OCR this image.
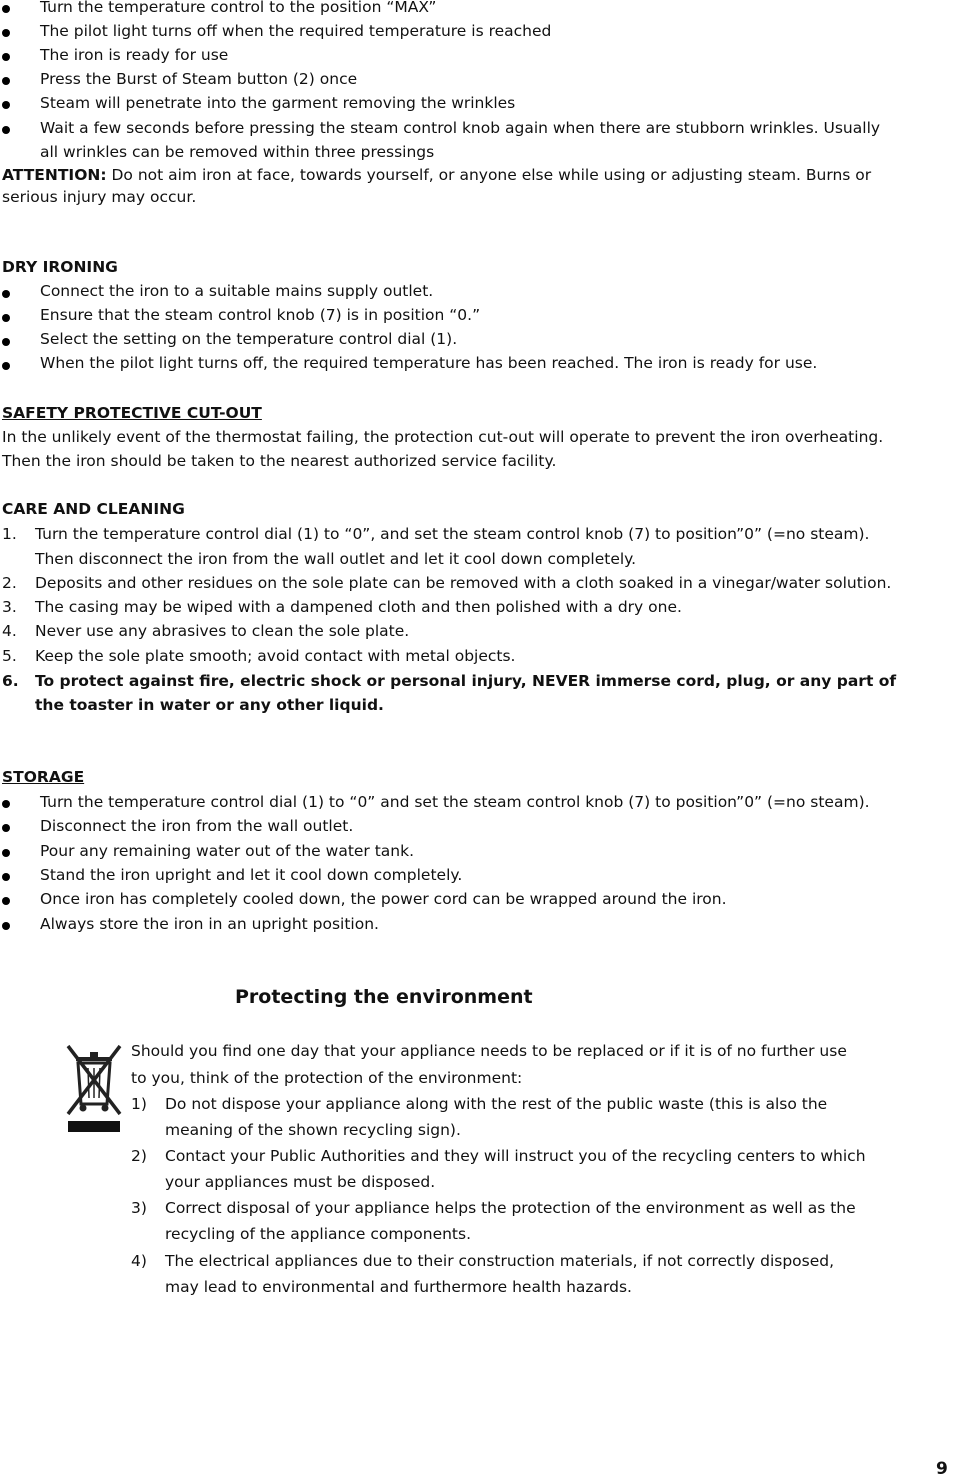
Turn the temperature control to the position “MAX”
The pilot light turns off when the required temperature is reached
The iron is ready for use
Press the Burst of Steam button (2) once
Steam will penetrate into the garment removing the wrinkles
Wait a few seconds before pressing the steam control knob again when there are stubborn wrinkles. Usually
all wrinkles can be removed within three pressings
ATTENTION: Do not aim iron at face, towards yourself, or anyone else while using or adjusting steam. Burns or
serious injury may occur.
DRY IRONING
Connect the iron to a suitable mains supply outlet.
Ensure that the steam control knob (7) is in position “0.”
Select the setting on the temperature control dial (1).
When the pilot light turns off, the required temperature has been reached. The iron is ready for use.
SAFETY PROTECTIVE CUT-OUT
In the unlikely event of the thermostat failing, the protection cut-out will operate to prevent the iron overheating.
Then the iron should be taken to the nearest authorized service facility.
CARE AND CLEANING
1. Turn the temperature control dial (1) to “0”, and set the steam control knob (7) to position”0” (=no steam).
Then disconnect the iron from the wall outlet and let it cool down completely.
2. Deposits and other residues on the sole plate can be removed with a cloth soaked in a vinegar/water solution.
3. The casing may be wiped with a dampened cloth and then polished with a dry one.
4. Never use any abrasives to clean the sole plate.
5. Keep the sole plate smooth; avoid contact with metal objects.
6. To protect against fire, electric shock or personal injury, NEVER immerse cord, plug, or any part of
the toaster in water or any other liquid.
STORAGE
Turn the temperature control dial (1) to “0” and set the steam control knob (7) to position”0” (=no steam).
Disconnect the iron from the wall outlet.
Pour any remaining water out of the water tank.
Stand the iron upright and let it cool down completely.
Once iron has completely cooled down, the power cord can be wrapped around the iron.
Always store the iron in an upright position.
Protecting the environment
Should you find one day that your appliance needs to be replaced or if it is of no further use
to you, think of the protection of the environment:
1) Do not dispose your appliance along with the rest of the public waste (this is also the
meaning of the shown recycling sign).
2) Contact your Public Authorities and they will instruct you of the recycling centers to which
your appliances must be disposed.
3) Correct disposal of your appliance helps the protection of the environment as well as the
recycling of the appliance components.
4) The electrical appliances due to their construction materials, if not correctly disposed,
may lead to environmental and furthermore health hazards.
9
